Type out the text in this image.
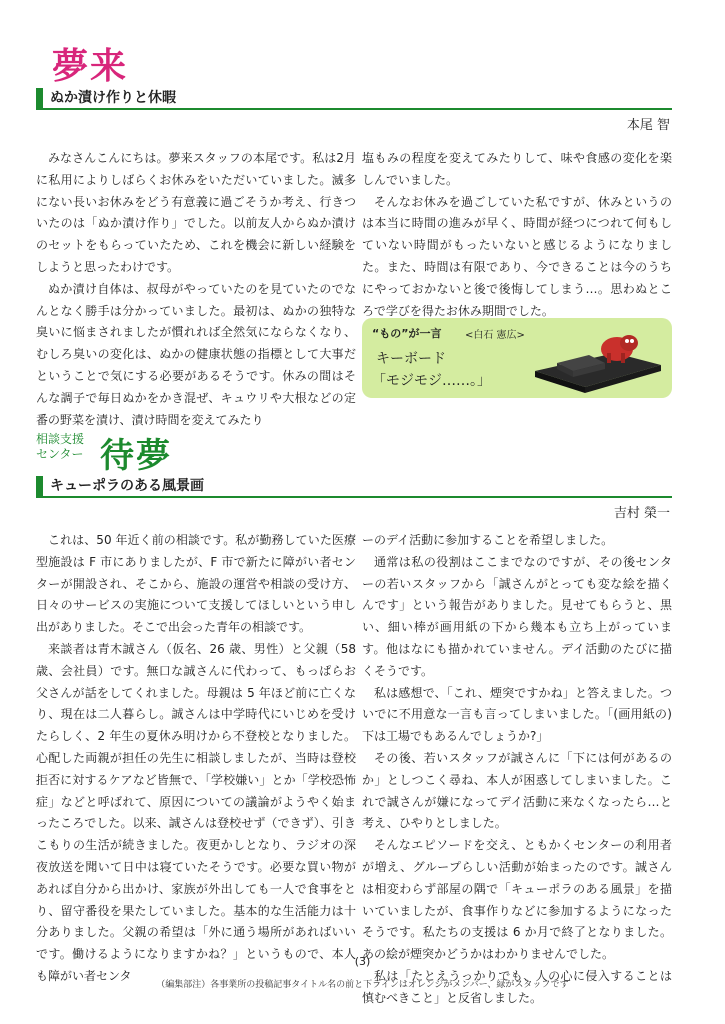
夢来
ぬか漬け作りと休暇
本尾 智

みなさんこんにちは。夢来スタッフの本尾です。私は2月に私用によりしばらくお休みをいただいていました。滅多にない長いお休みをどう有意義に過ごそうか考え、行きついたのは「ぬか漬け作り」でした。以前友人からぬか漬けのセットをもらっていたため、これを機会に新しい経験をしようと思ったわけです。

ぬか漬け自体は、叔母がやっていたのを見ていたのでなんとなく勝手は分かっていました。最初は、ぬかの独特な臭いに悩まされましたが慣れれば全然気にならなくなり、むしろ臭いの変化は、ぬかの健康状態の指標として大事だということで気にする必要があるそうです。休みの間はそんな調子で毎日ぬかをかき混ぜ、キュウリや大根などの定番の野菜を漬け、漬け時間を変えてみたり

塩もみの程度を変えてみたりして、味や食感の変化を楽しんでいました。

そんなお休みを過ごしていた私ですが、休みというのは本当に時間の進みが早く、時間が経つにつれて何もしていない時間がもったいないと感じるようになりました。また、時間は有限であり、今できることは今のうちにやっておかないと後で後悔してしまう…。思わぬところで学びを得たお休み期間でした。

“もの”が一言 <白石 憲広>
キーボード
「モジモジ……。」
相談支援
センター 待夢
キューポラのある風景画
吉村 榮一

これは、50 年近く前の相談です。私が勤務していた医療型施設は F 市にありましたが、F 市で新たに障がい者センターが開設され、そこから、施設の運営や相談の受け方、日々のサービスの実施について支援してほしいという申し出がありました。そこで出会った青年の相談です。

来談者は青木誠さん（仮名、26 歳、男性）と父親（58 歳、会社員）です。無口な誠さんに代わって、もっぱらお父さんが話をしてくれました。母親は 5 年ほど前に亡くなり、現在は二人暮らし。誠さんは中学時代にいじめを受けたらしく、2 年生の夏休み明けから不登校となりました。心配した両親が担任の先生に相談しましたが、当時は登校拒否に対するケアなど皆無で、「学校嫌い」とか「学校恐怖症」などと呼ばれて、原因についての議論がようやく始まったころでした。以来、誠さんは登校せず（できず）、引きこもりの生活が続きました。夜更かしとなり、ラジオの深夜放送を聞いて日中は寝ていたそうです。必要な買い物があれば自分から出かけ、家族が外出しても一人で食事をとり、留守番役を果たしていました。基本的な生活能力は十分ありました。父親の希望は「外に通う場所があればいいです。働けるようになりますかね？」というもので、本人も障がい者センタ

ーのデイ活動に参加することを希望しました。

通常は私の役割はここまでなのですが、その後センターの若いスタッフから「誠さんがとっても変な絵を描くんです」という報告がありました。見せてもらうと、黒い、細い棒が画用紙の下から幾本も立ち上がっています。他はなにも描かれていません。デイ活動のたびに描くそうです。

私は感想で、「これ、煙突ですかね」と答えました。ついでに不用意な一言も言ってしまいました。「(画用紙の)下は工場でもあるんでしょうか?」

その後、若いスタッフが誠さんに「下には何があるのか」としつこく尋ね、本人が困惑してしまいました。これで誠さんが嫌になってデイ活動に来なくなったら…と考え、ひやりとしました。

そんなエピソードを交え、ともかくセンターの利用者が増え、グループらしい活動が始まったのです。誠さんは相変わらず部屋の隅で「キューポラのある風景」を描いていましたが、食事作りなどに参加するようになったそうです。私たちの支援は 6 か月で終了となりました。あの絵が煙突かどうかはわかりませんでした。

私は「たとえうっかりでも、人の心に侵入することは慎むべきこと」と反省しました。

(3)
（編集部注）各事業所の投稿記事タイトル名の前と下ラインはオレンジがメンバー、緑がスタッフです
